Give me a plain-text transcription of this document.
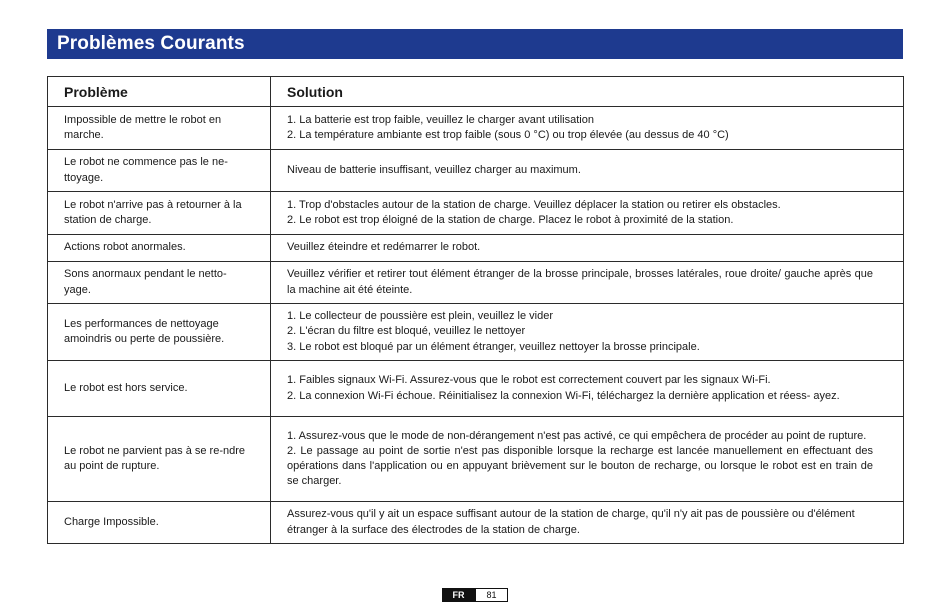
Problèmes Courants
Problème	Solution
Impossible de mettre le robot en marche.	1. La batterie est trop faible, veuillez le charger avant utilisation
2. La température ambiante est trop faible (sous 0 °C) ou trop élevée (au dessus de 40 °C)

Le robot ne commence pas le ne-ttoyage.	Niveau de batterie insuffisant, veuillez charger au maximum.

Le robot n'arrive pas à retourner à la station de charge.	1. Trop d'obstacles autour de la station de charge. Veuillez déplacer la station ou retirer els obstacles.
2. Le robot est trop éloigné de la station de charge. Placez le robot à proximité de la station.

Actions robot anormales.	Veuillez éteindre et redémarrer le robot.

Sons anormaux pendant le netto-yage.	Veuillez vérifier et retirer tout élément étranger de la brosse principale, brosses latérales, roue droite/ gauche après que la machine ait été éteinte.

Les performances de nettoyage amoindris ou perte de poussière.	1. Le collecteur de poussière est plein, veuillez le vider
2. L'écran du filtre est bloqué, veuillez le nettoyer
3. Le robot est bloqué par un élément étranger, veuillez nettoyer la brosse principale.

Le robot est hors service.	1. Faibles signaux Wi-Fi. Assurez-vous que le robot est correctement couvert par les signaux Wi-Fi.
2. La connexion Wi-Fi échoue. Réinitialisez la connexion Wi-Fi, téléchargez la dernière application et réess- ayez.

Le robot ne parvient pas à se re-ndre au point de rupture.	1. Assurez-vous que le mode de non-dérangement n'est pas activé, ce qui empêchera de procéder au point de rupture.
2. Le passage au point de sortie n'est pas disponible lorsque la recharge est lancée manuellement en effectuant des opérations dans l'application ou en appuyant brièvement sur le bouton de recharge, ou lorsque le robot est en train de se charger.

Charge Impossible.	Assurez-vous qu'il y ait un espace suffisant autour de la station de charge, qu'il n'y ait pas de poussière ou d'élément étranger à la surface des électrodes de la station de charge.
FR	81
